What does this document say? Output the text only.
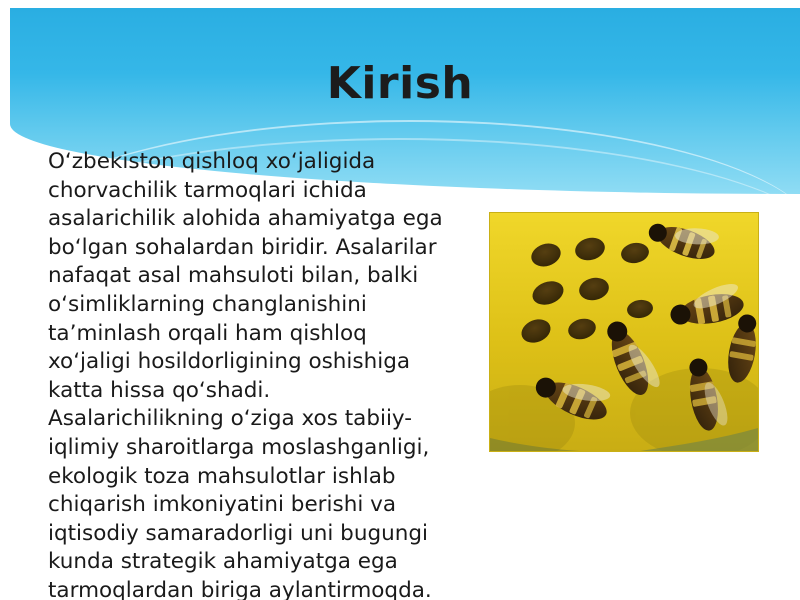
Kirish
O‘zbekiston qishloq xo‘jaligida chorvachilik tarmoqlari ichida asalarichilik alohida ahamiyatga ega bo‘lgan sohalardan biridir. Asalarilar nafaqat asal mahsuloti bilan, balki o‘simliklarning changlanishini ta’minlash orqali ham qishloq xo‘jaligi hosildorligining oshishiga katta hissa qo‘shadi. Asalarichilikning o‘ziga xos tabiiy-iqlimiy sharoitlarga moslashganligi, ekologik toza mahsulotlar ishlab chiqarish imkoniyatini berishi va iqtisodiy samaradorligi uni bugungi kunda strategik ahamiyatga ega tarmoqlardan biriga aylantirmoqda.
